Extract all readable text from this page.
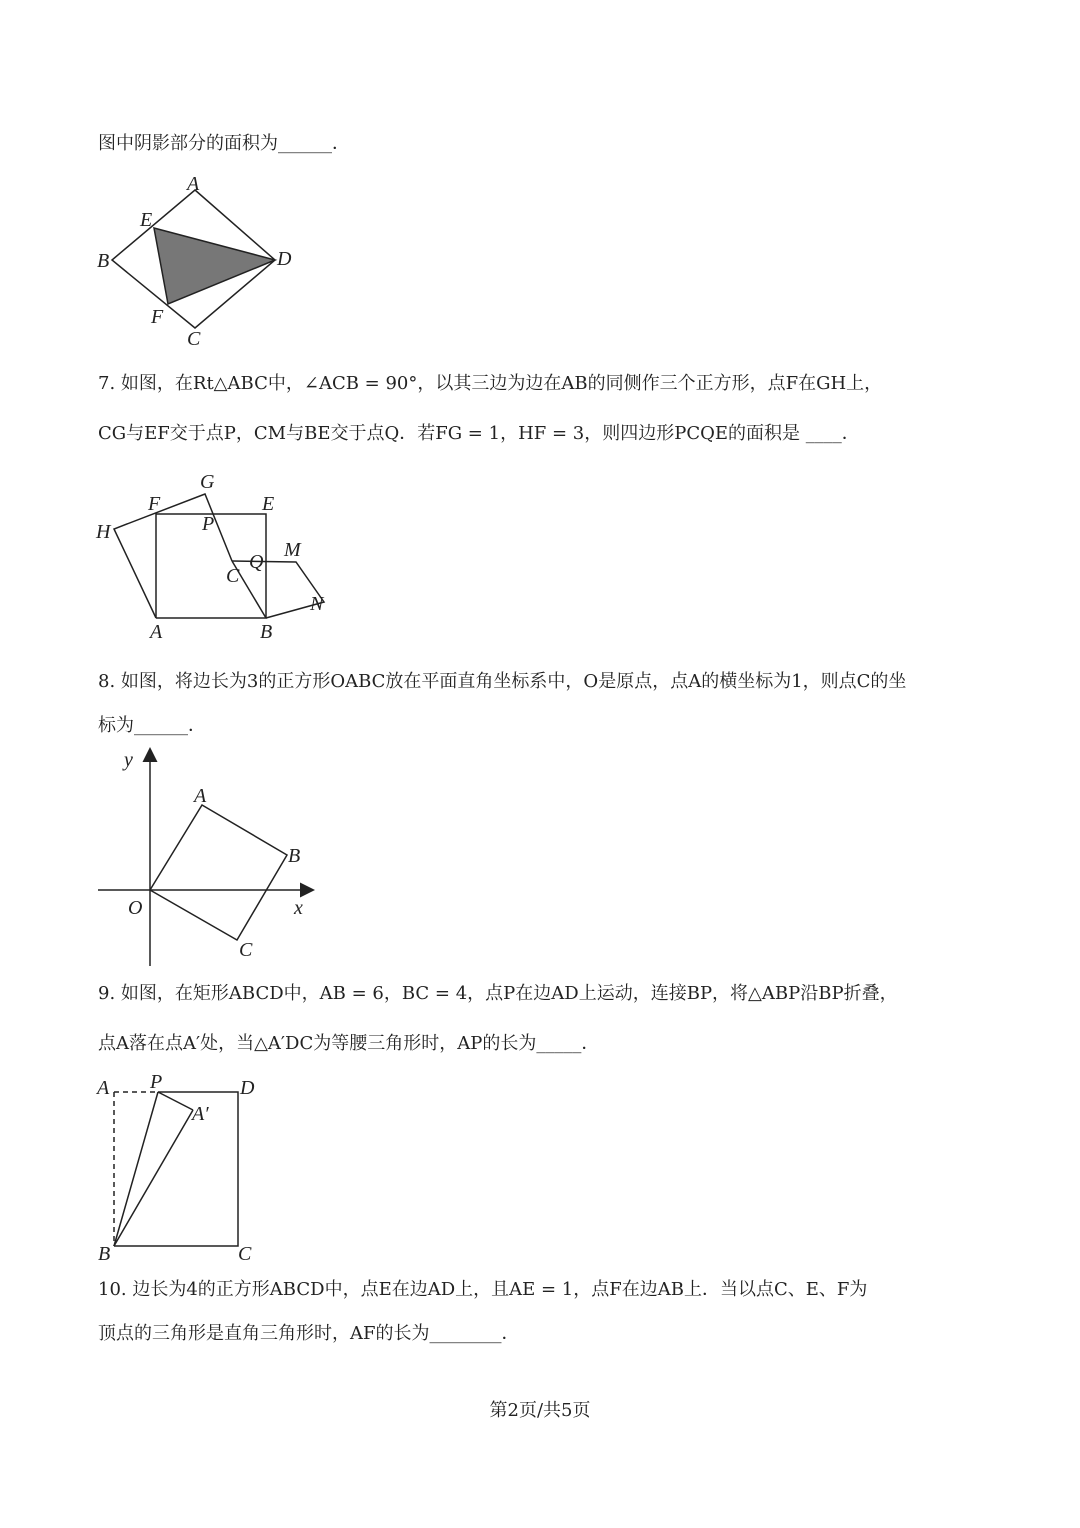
图中阴影部分的面积为______．
A
E
B	D
F
C
7. 如图，在Rt△ABC中，∠ACB = 90°，以其三边为边在AB的同侧作三个正方形，点F在GH上，
CG与EF交于点P，CM与BE交于点Q．若FG = 1，HF = 3，则四边形PCQE的面积是 ____．
G
F	E
H	P
M
Q
C
N
A	B
8. 如图，将边长为3的正方形OABC放在平面直角坐标系中，O是原点，点A的横坐标为1，则点C的坐
标为______．
y
A
B
O	x
C
9. 如图，在矩形ABCD中，AB = 6，BC = 4，点P在边AD上运动，连接BP，将△ABP沿BP折叠，
点A落在点A′处，当△A′DC为等腰三角形时，AP的长为_____．
A P	D
A′
B	C
10. 边长为4的正方形ABCD中，点E在边AD上，且AE = 1，点F在边AB上．当以点C、E、F为
顶点的三角形是直角三角形时，AF的长为________．
第2页/共5页
